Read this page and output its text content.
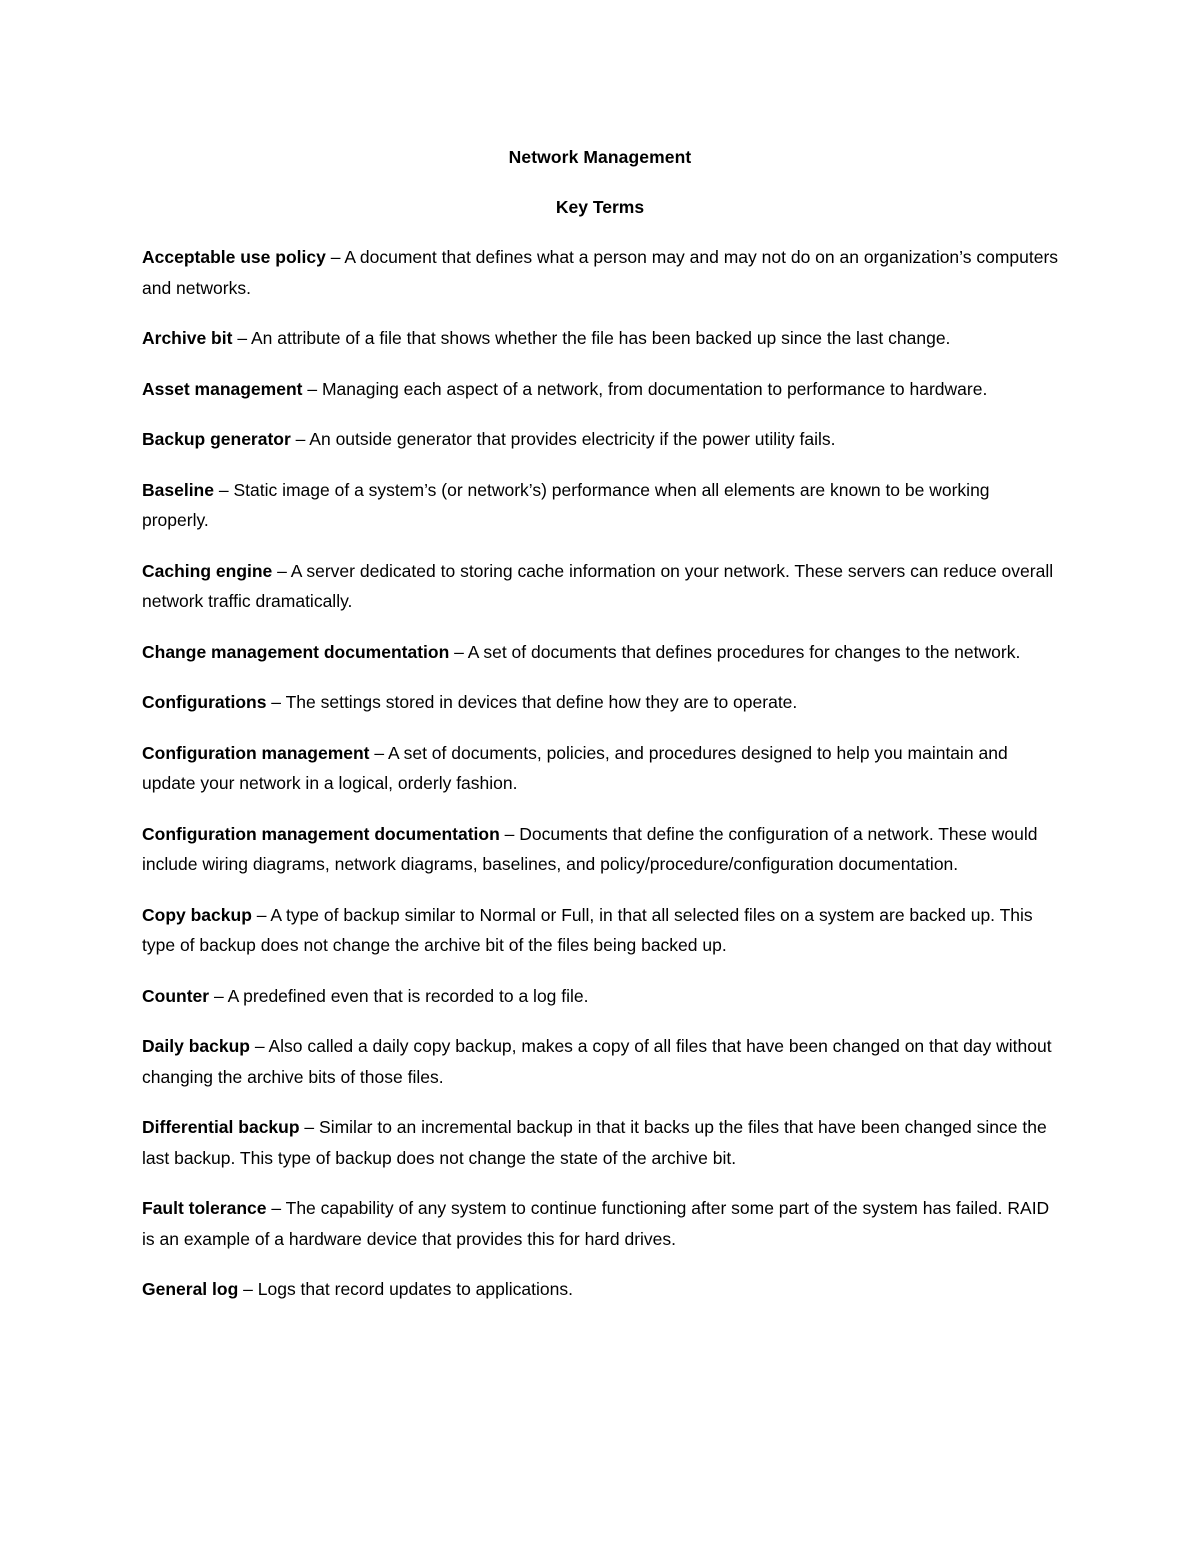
Network Management
Key Terms

Acceptable use policy – A document that defines what a person may and may not do on an organization’s computers and networks.

Archive bit – An attribute of a file that shows whether the file has been backed up since the last change.

Asset management – Managing each aspect of a network, from documentation to performance to hardware.

Backup generator – An outside generator that provides electricity if the power utility fails.

Baseline – Static image of a system’s (or network’s) performance when all elements are known to be working properly.

Caching engine – A server dedicated to storing cache information on your network. These servers can reduce overall network traffic dramatically.

Change management documentation – A set of documents that defines procedures for changes to the network.

Configurations – The settings stored in devices that define how they are to operate.

Configuration management – A set of documents, policies, and procedures designed to help you maintain and update your network in a logical, orderly fashion.

Configuration management documentation – Documents that define the configuration of a network. These would include wiring diagrams, network diagrams, baselines, and policy/procedure/configuration documentation.

Copy backup – A type of backup similar to Normal or Full, in that all selected files on a system are backed up. This type of backup does not change the archive bit of the files being backed up.

Counter – A predefined even that is recorded to a log file.

Daily backup – Also called a daily copy backup, makes a copy of all files that have been changed on that day without changing the archive bits of those files.

Differential backup – Similar to an incremental backup in that it backs up the files that have been changed since the last backup. This type of backup does not change the state of the archive bit.

Fault tolerance – The capability of any system to continue functioning after some part of the system has failed. RAID is an example of a hardware device that provides this for hard drives.

General log – Logs that record updates to applications.
